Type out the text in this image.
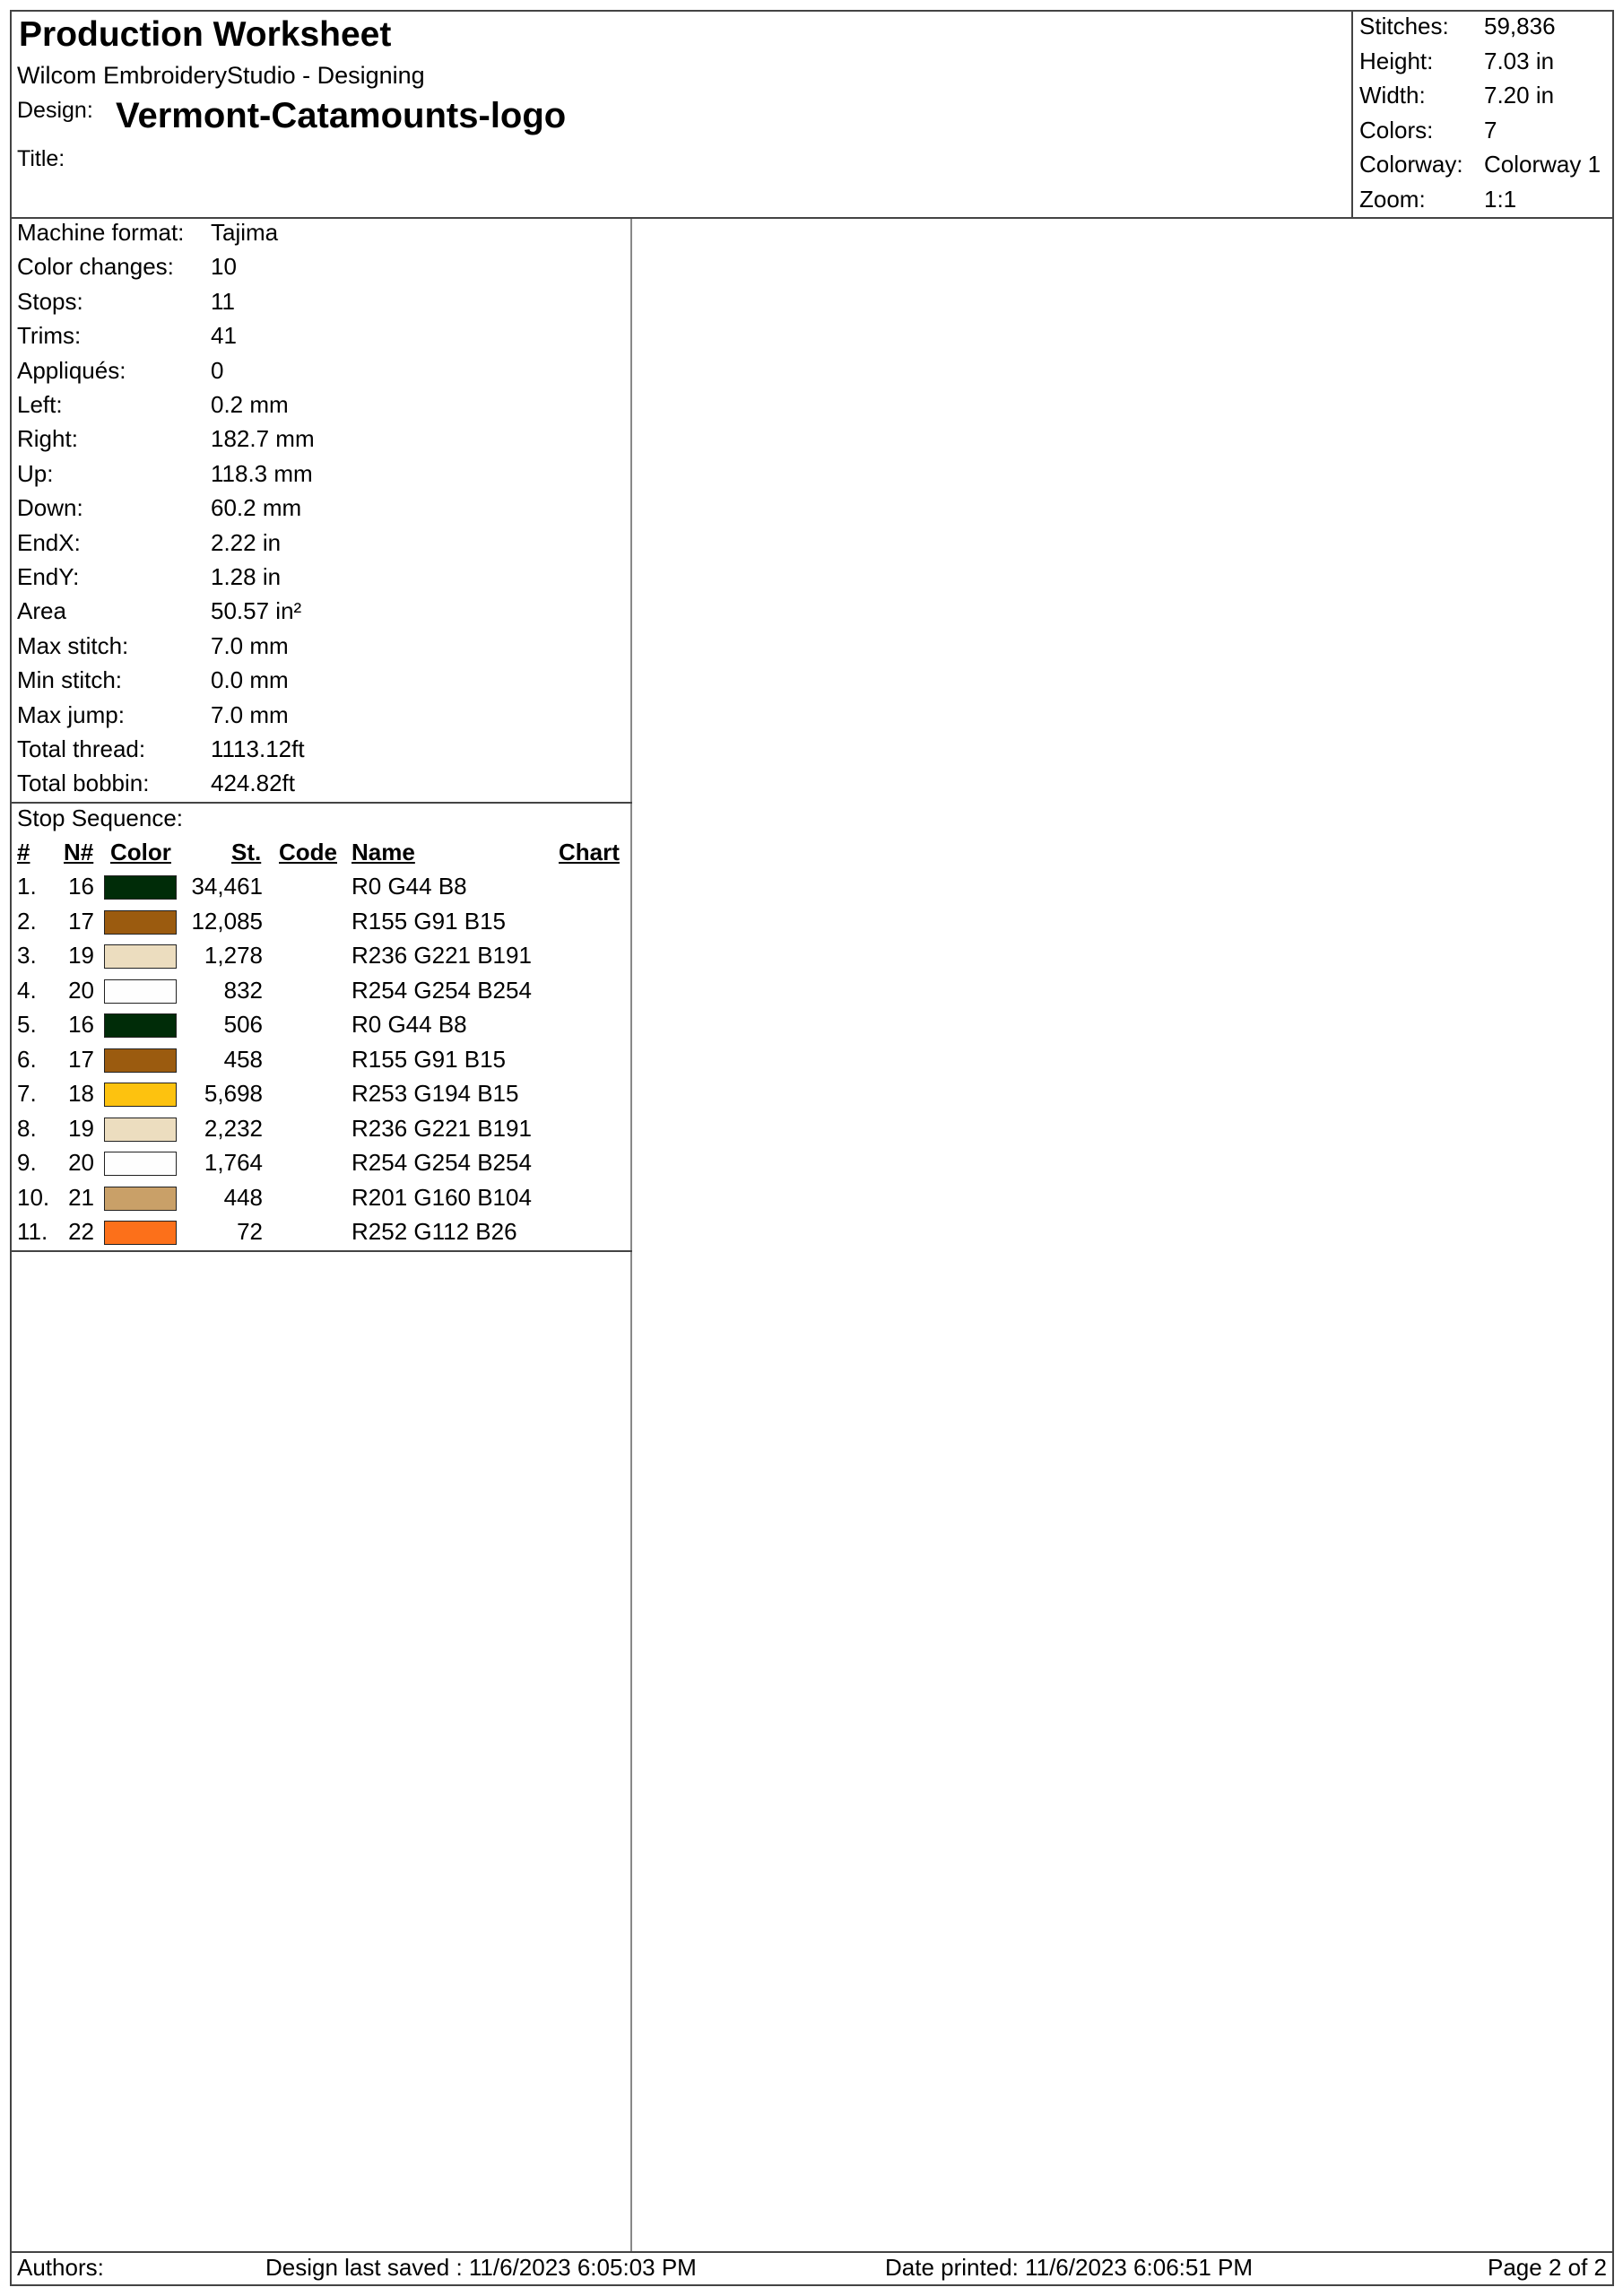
Production Worksheet
Wilcom EmbroideryStudio - Designing
Design: Vermont-Catamounts-logo
Title:
Stitches: 59,836
Height: 7.03 in
Width:	7.20 in
Colors: 7
Colorway: Colorway 1
Zoom:	1:1
Machine format: Tajima
Color changes: 10
Stops:	11
Trims:	41
Appliqués:	0
Left:	0.2 mm
Right:	182.7 mm
Up:	118.3 mm
Down:	60.2 mm
EndX:	2.22 in
EndY:	1.28 in
Area	50.57 in²
Max stitch:	7.0 mm
Min stitch:	0.0 mm
Max jump:	7.0 mm
Total thread:	1113.12ft
Total bobbin:	424.82ft
Stop Sequence:
# N# Color	St. Code Name	Chart
1. 16	34,461	R0 G44 B8
2. 17	12,085	R155 G91 B15
3. 19	1,278	R236 G221 B191
4. 20	832	R254 G254 B254
5. 16	506	R0 G44 B8
6. 17	458	R155 G91 B15
7. 18	5,698	R253 G194 B15
8. 19	2,232	R236 G221 B191
9. 20	1,764	R254 G254 B254
10. 21	448	R201 G160 B104
11. 22	72	R252 G112 B26
Authors:	Design last saved : 11/6/2023 6:05:03 PM	Date printed: 11/6/2023 6:06:51 PM	Page 2 of 2
